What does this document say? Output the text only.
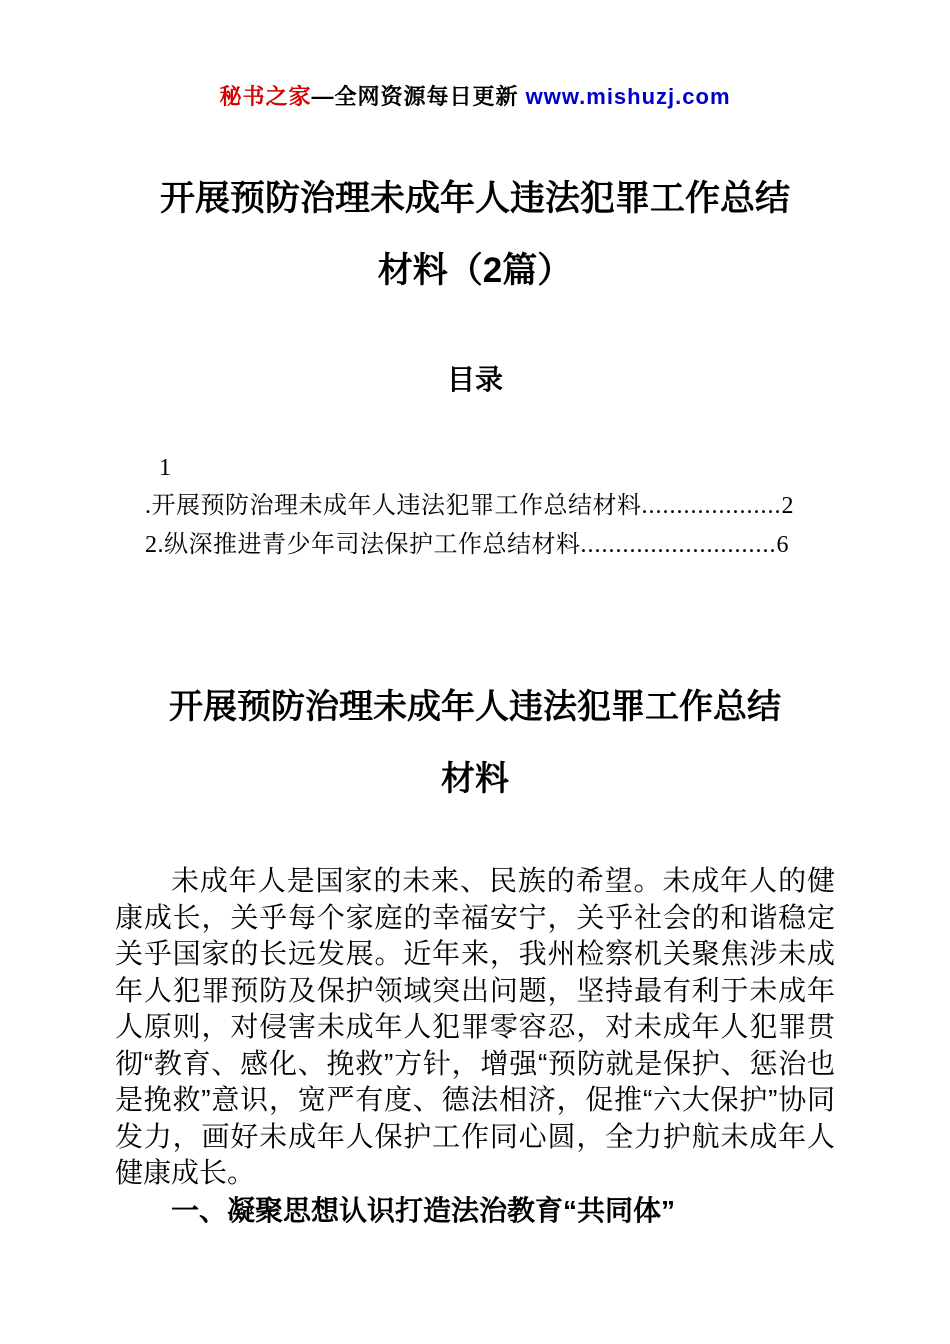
秘书之家—全网资源每日更新 www.mishuzj.com
开展预防治理未成年人违法犯罪工作总结
材料（2篇）
目录
1
.开展预防治理未成年人违法犯罪工作总结材料....................2
2.纵深推进青少年司法保护工作总结材料............................6
开展预防治理未成年人违法犯罪工作总结
材料

未成年人是国家的未来、民族的希望。未成年人的健康成长，关乎每个家庭的幸福安宁，关乎社会的和谐稳定关乎国家的长远发展。近年来，我州检察机关聚焦涉未成年人犯罪预防及保护领域突出问题，坚持最有利于未成年人原则，对侵害未成年人犯罪零容忍，对未成年人犯罪贯彻“教育、感化、挽救”方针，增强“预防就是保护、惩治也是挽救”意识，宽严有度、德法相济，促推“六大保护”协同发力，画好未成年人保护工作同心圆，全力护航未成年人健康成长。

一、凝聚思想认识打造法治教育“共同体”
